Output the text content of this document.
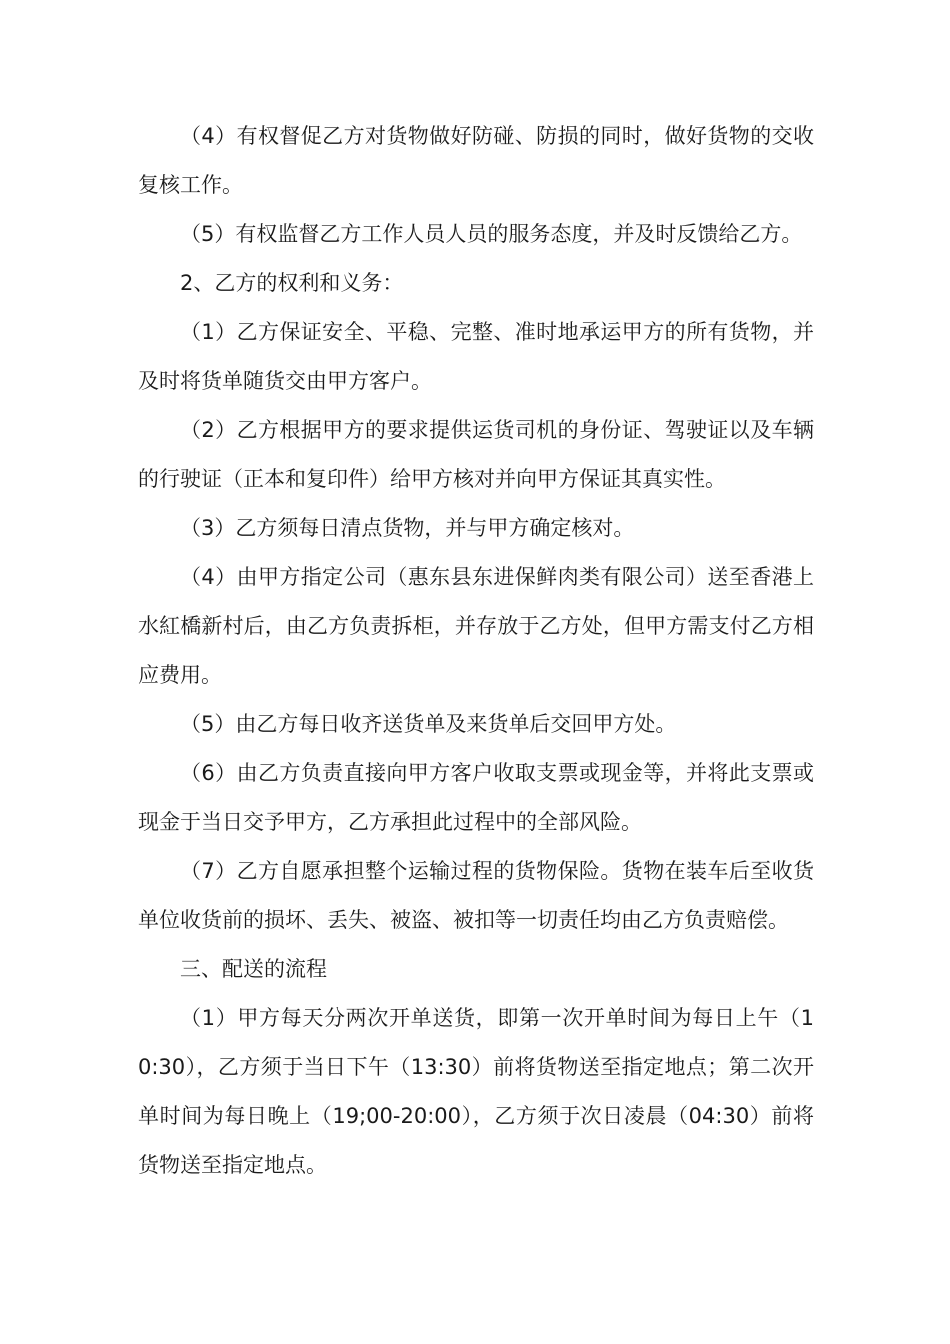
（4）有权督促乙方对货物做好防碰、防损的同时，做好货物的交收复核工作。

（5）有权监督乙方工作人员人员的服务态度，并及时反馈给乙方。

2、乙方的权利和义务：

（1）乙方保证安全、平稳、完整、准时地承运甲方的所有货物，并及时将货单随货交由甲方客户。

（2）乙方根据甲方的要求提供运货司机的身份证、驾驶证以及车辆的行驶证（正本和复印件）给甲方核对并向甲方保证其真实性。

（3）乙方须每日清点货物，并与甲方确定核对。

（4）由甲方指定公司（惠东县东进保鲜肉类有限公司）送至香港上水紅橋新村后，由乙方负责拆柜，并存放于乙方处，但甲方需支付乙方相应费用。

（5）由乙方每日收齐送货单及来货单后交回甲方处。

（6）由乙方负责直接向甲方客户收取支票或现金等，并将此支票或现金于当日交予甲方，乙方承担此过程中的全部风险。

（7）乙方自愿承担整个运输过程的货物保险。货物在装车后至收货单位收货前的损坏、丢失、被盗、被扣等一切责任均由乙方负责赔偿。

三、配送的流程

（1）甲方每天分两次开单送货，即第一次开单时间为每日上午（10:30），乙方须于当日下午（13:30）前将货物送至指定地点；第二次开单时间为每日晚上（19;00-20:00），乙方须于次日凌晨（04:30）前将货物送至指定地点。
